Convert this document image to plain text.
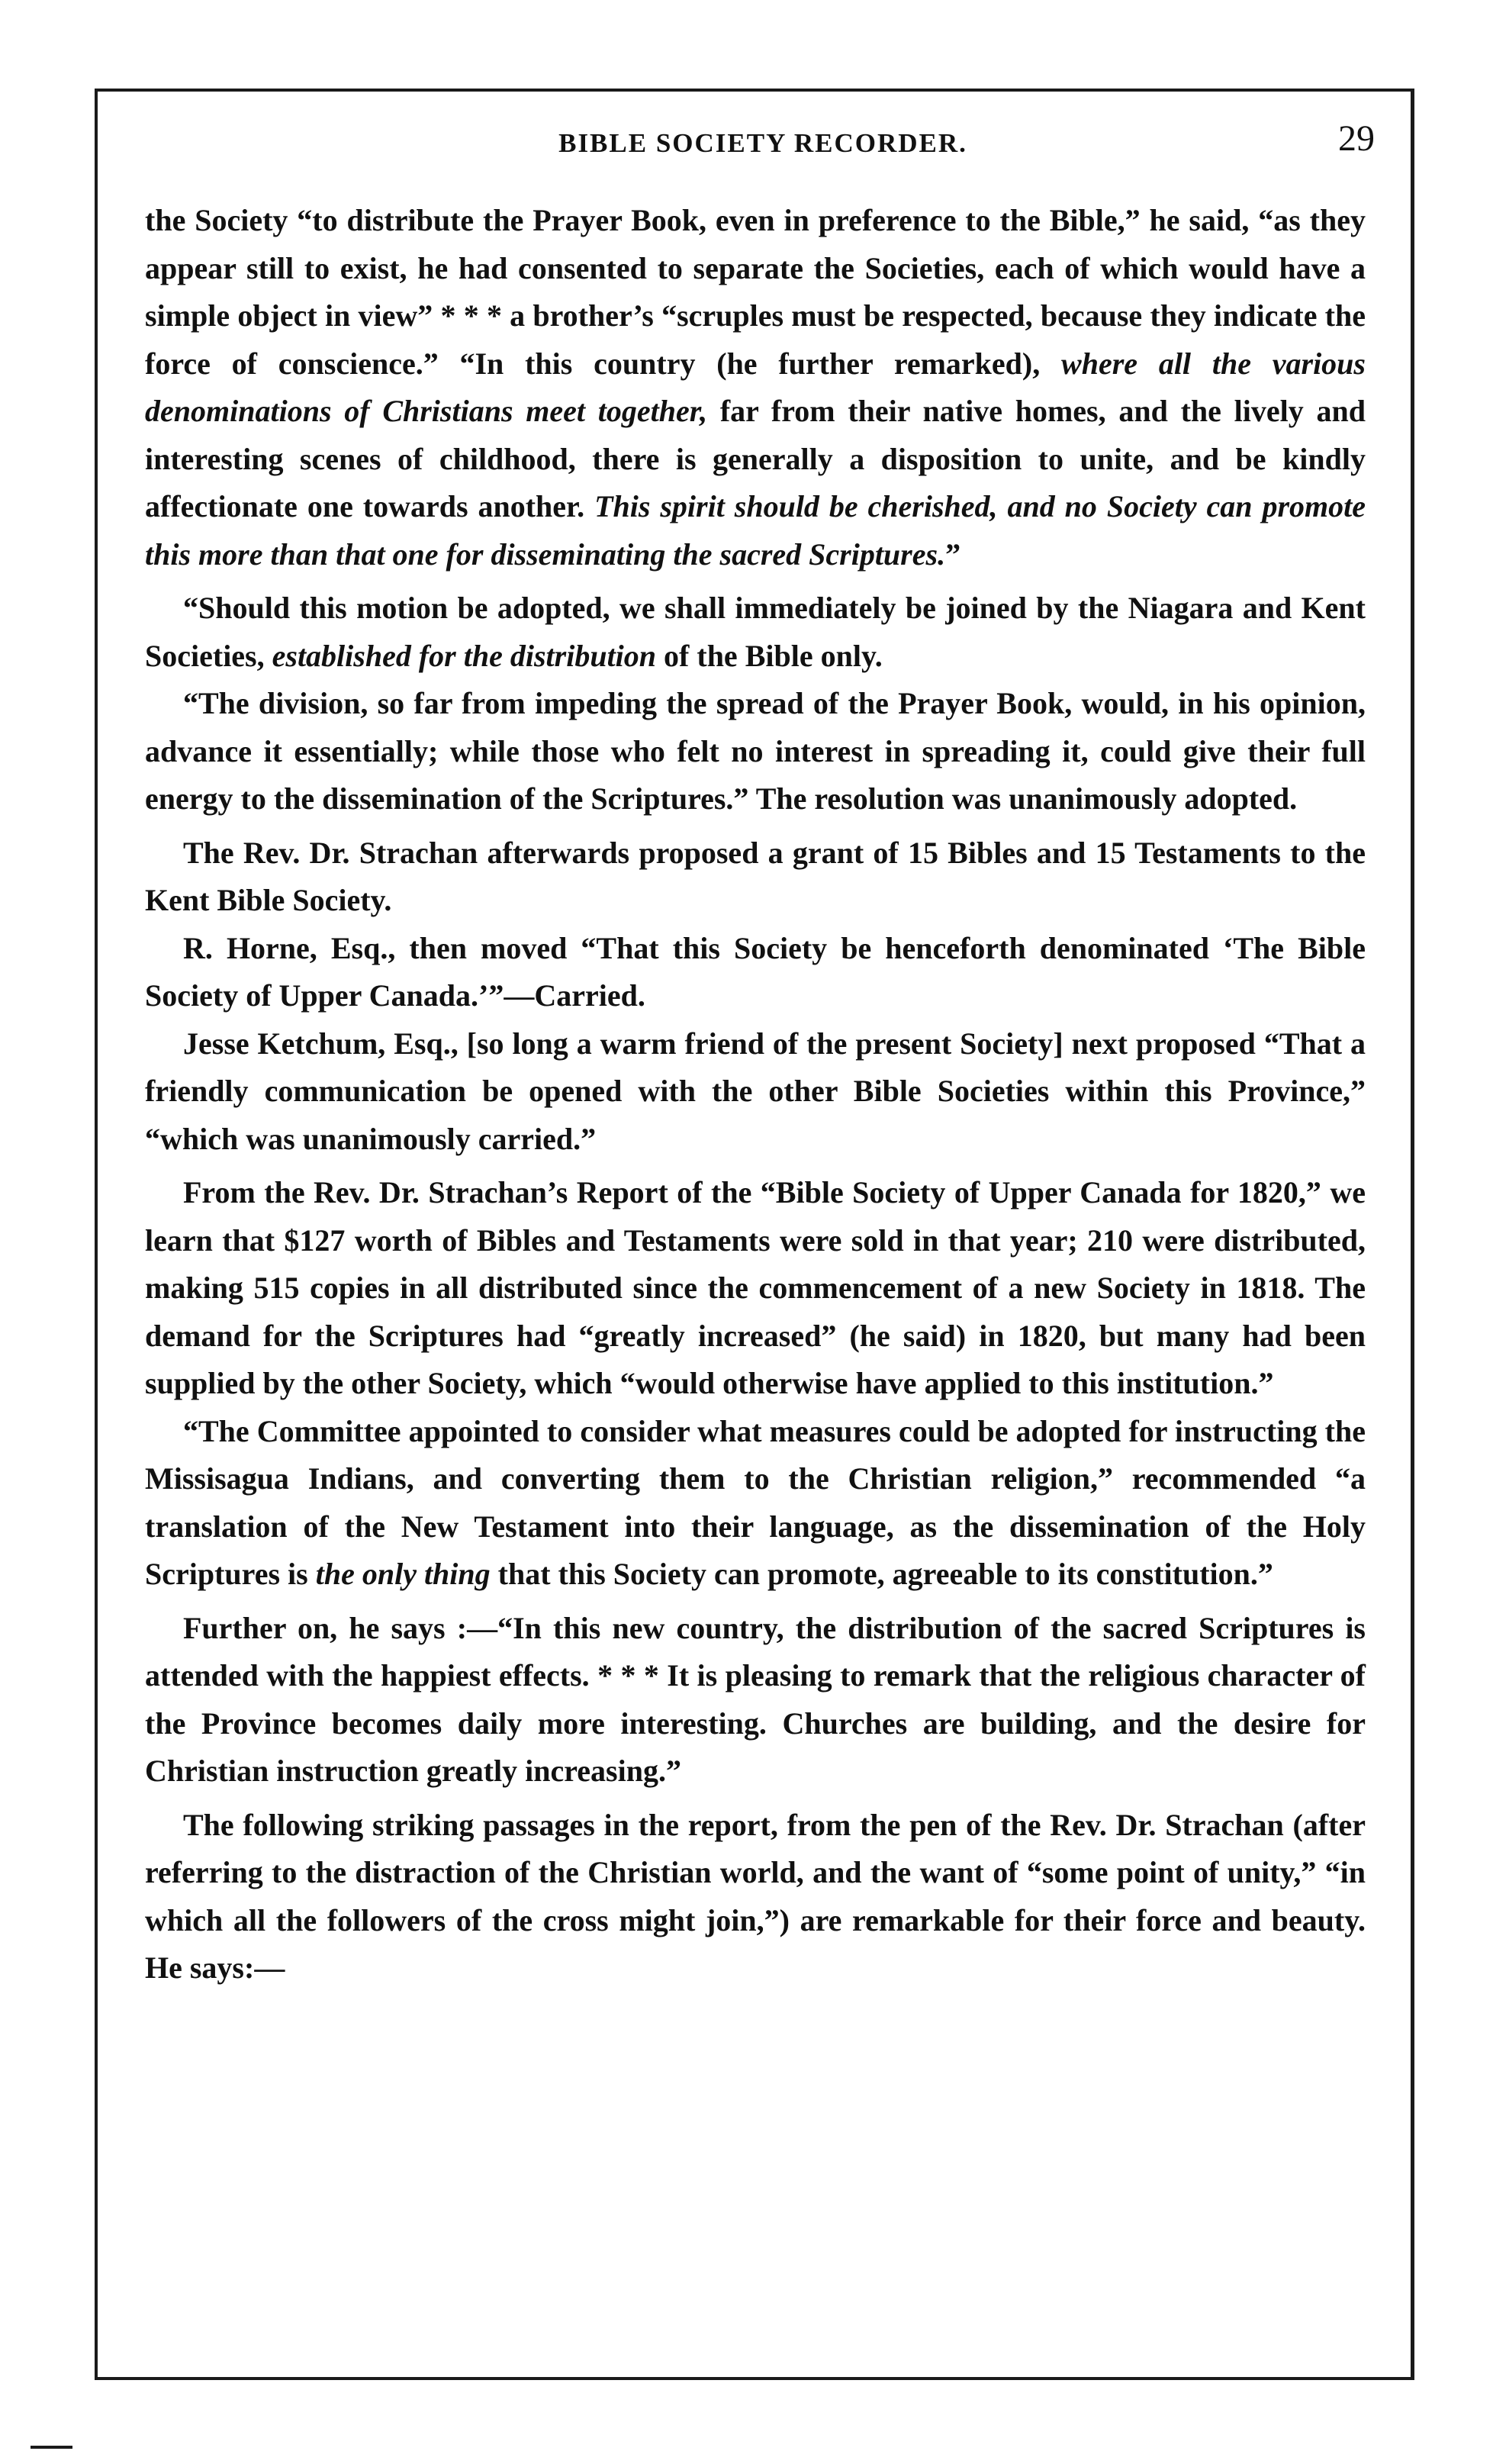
BIBLE SOCIETY RECORDER.	29

the Society “to distribute the Prayer Book, even in preference to the Bible,” he said, “as they appear still to exist, he had consented to separate the Societies, each of which would have a simple object in view” * * * a brother’s “scruples must be respected, because they indicate the force of conscience.” “In this country (he further remarked), where all the various denominations of Christians meet together, far from their native homes, and the lively and interesting scenes of childhood, there is generally a disposition to unite, and be kindly affectionate one towards another. This spirit should be cherished, and no Society can promote this more than that one for disseminating the sacred Scriptures.”

“Should this motion be adopted, we shall immediately be joined by the Niagara and Kent Societies, established for the distribution of the Bible only.

“The division, so far from impeding the spread of the Prayer Book, would, in his opinion, advance it essentially; while those who felt no interest in spreading it, could give their full energy to the dissemination of the Scriptures.” The resolution was unanimously adopted.

The Rev. Dr. Strachan afterwards proposed a grant of 15 Bibles and 15 Testaments to the Kent Bible Society.

R. Horne, Esq., then moved “That this Society be henceforth denominated ‘The Bible Society of Upper Canada.’”—Carried.

Jesse Ketchum, Esq., [so long a warm friend of the present Society] next proposed “That a friendly communication be opened with the other Bible Societies within this Province,” “which was unanimously carried.”

From the Rev. Dr. Strachan’s Report of the “Bible Society of Upper Canada for 1820,” we learn that $127 worth of Bibles and Testaments were sold in that year; 210 were distributed, making 515 copies in all distributed since the commencement of a new Society in 1818. The demand for the Scriptures had “greatly increased” (he said) in 1820, but many had been supplied by the other Society, which “would otherwise have applied to this institution.”

“The Committee appointed to consider what measures could be adopted for instructing the Missisagua Indians, and converting them to the Christian religion,” recommended “a translation of the New Testament into their language, as the dissemination of the Holy Scriptures is the only thing that this Society can promote, agreeable to its constitution.”

Further on, he says :—“In this new country, the distribution of the sacred Scriptures is attended with the happiest effects. * * * It is pleasing to remark that the religious character of the Province becomes daily more interesting. Churches are building, and the desire for Christian instruction greatly increasing.”

The following striking passages in the report, from the pen of the Rev. Dr. Strachan (after referring to the distraction of the Christian world, and the want of “some point of unity,” “in which all the followers of the cross might join,”) are remarkable for their force and beauty. He says:—
